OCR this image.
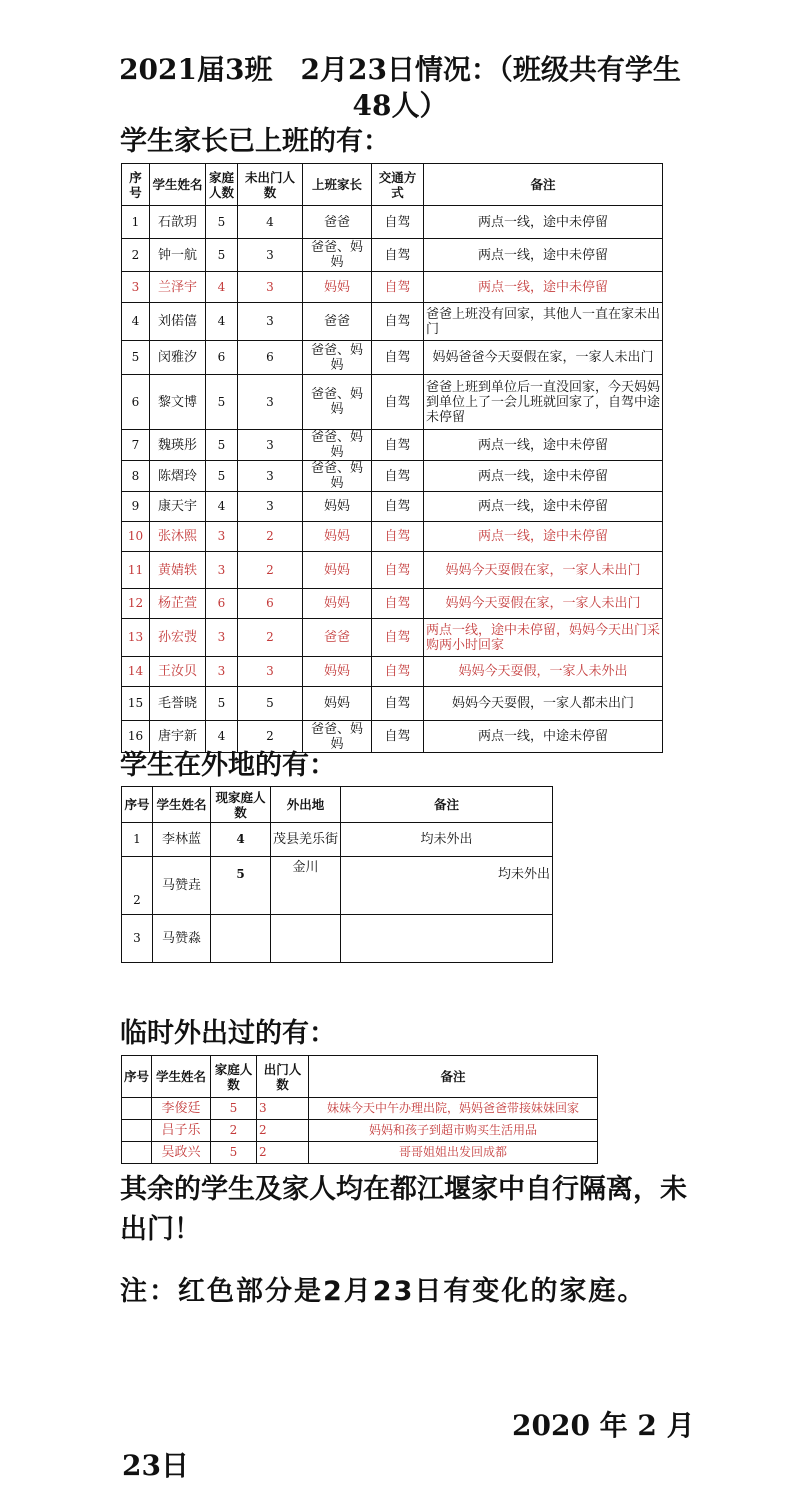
2021届3班　2月23日情况：（班级共有学生48人）
学生家长已上班的有：
序号	学生姓名	家庭人数	未出门人数	上班家长	交通方式	备注
1	石歆玥	5	4	爸爸	自驾	两点一线，途中未停留
2	钟一航	5	3	爸爸、妈妈	自驾	两点一线，途中未停留
3	兰泽宇	4	3	妈妈	自驾	两点一线，途中未停留
4	刘偌僖	4	3	爸爸	自驾	爸爸上班没有回家，其他人一直在家未出门
5	闵雅汐	6	6	爸爸、妈妈	自驾	妈妈爸爸今天耍假在家，一家人未出门
6	黎文博	5	3	爸爸、妈妈	自驾	爸爸上班到单位后一直没回家，今天妈妈到单位上了一会儿班就回家了，自驾中途未停留
7	魏瑛彤	5	3	爸爸、妈妈	自驾	两点一线，途中未停留
8	陈熠玲	5	3	爸爸、妈妈	自驾	两点一线，途中未停留
9	康天宇	4	3	妈妈	自驾	两点一线，途中未停留
10	张沐熙	3	2	妈妈	自驾	两点一线，途中未停留
11	黄婧轶	3	2	妈妈	自驾	妈妈今天耍假在家，一家人未出门
12	杨芷萱	6	6	妈妈	自驾	妈妈今天耍假在家，一家人未出门
13	孙宏弢	3	2	爸爸	自驾	两点一线，途中未停留，妈妈今天出门采购两小时回家
14	王汝贝	3	3	妈妈	自驾	妈妈今天耍假，一家人未外出
15	毛誉晓	5	5	妈妈	自驾	妈妈今天耍假，一家人都未出门
16	唐宇新	4	2	爸爸、妈妈	自驾	两点一线，中途未停留
学生在外地的有：
序号	学生姓名	现家庭人数	外出地	备注
1	李林蓝	4	茂县羌乐街	均未外出
2	马赞垚	5	金川	均未外出
3	马赞淼			
临时外出过的有：
序号	学生姓名	家庭人数	出门人数	备注
	李俊廷	5	3	妹妹今天中午办理出院，妈妈爸爸带接妹妹回家
	吕子乐	2	2	妈妈和孩子到超市购买生活用品
	吴政兴	5	2	哥哥姐姐出发回成都
其余的学生及家人均在都江堰家中自行隔离，未出门！
注：红色部分是2月23日有变化的家庭。
2020 年 2 月
23日
